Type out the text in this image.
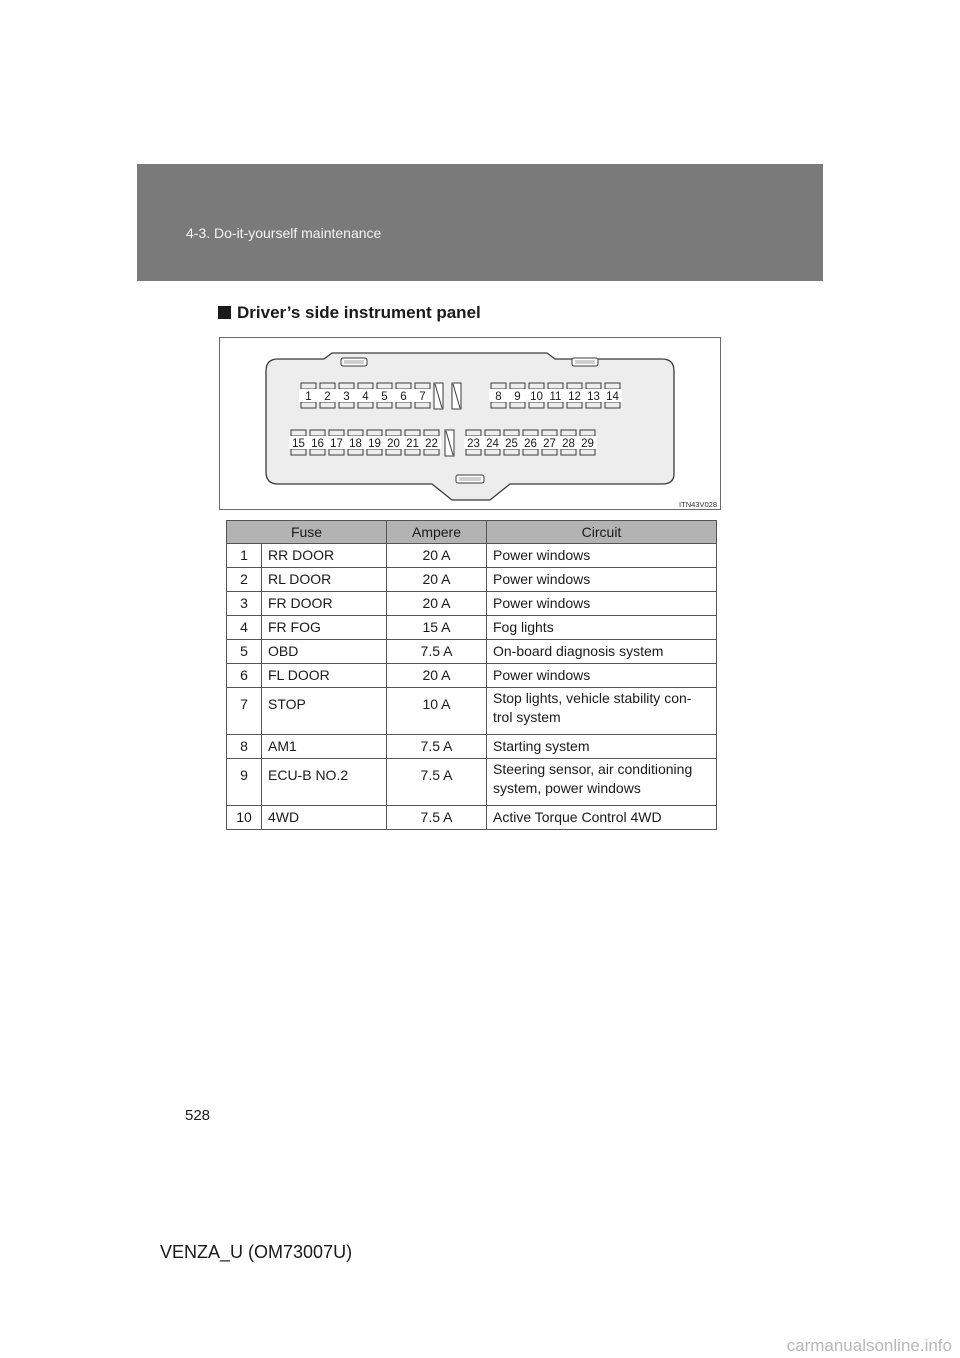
4-3. Do-it-yourself maintenance
Driver’s side instrument panel
1 2 3 4 5 6 7	8 9 10 11 12 13 14
15 16 17 18 19 20 21 22	23 24 25 26 27 28 29
ITN43V028
Fuse		Ampere	Circuit
1	RR DOOR	20 A	Power windows
2	RL DOOR	20 A	Power windows
3	FR DOOR	20 A	Power windows
4	FR FOG	15 A	Fog lights
5	OBD	7.5 A	On-board diagnosis system
6	FL DOOR	20 A	Power windows
7	STOP	10 A	Stop lights, vehicle stability con- trol system
8	AM1	7.5 A	Starting system
9	ECU-B NO.2	7.5 A	Steering sensor, air conditioning system, power windows
10	4WD	7.5 A	Active Torque Control 4WD
528
VENZA_U (OM73007U)
carmanualsonline.info
